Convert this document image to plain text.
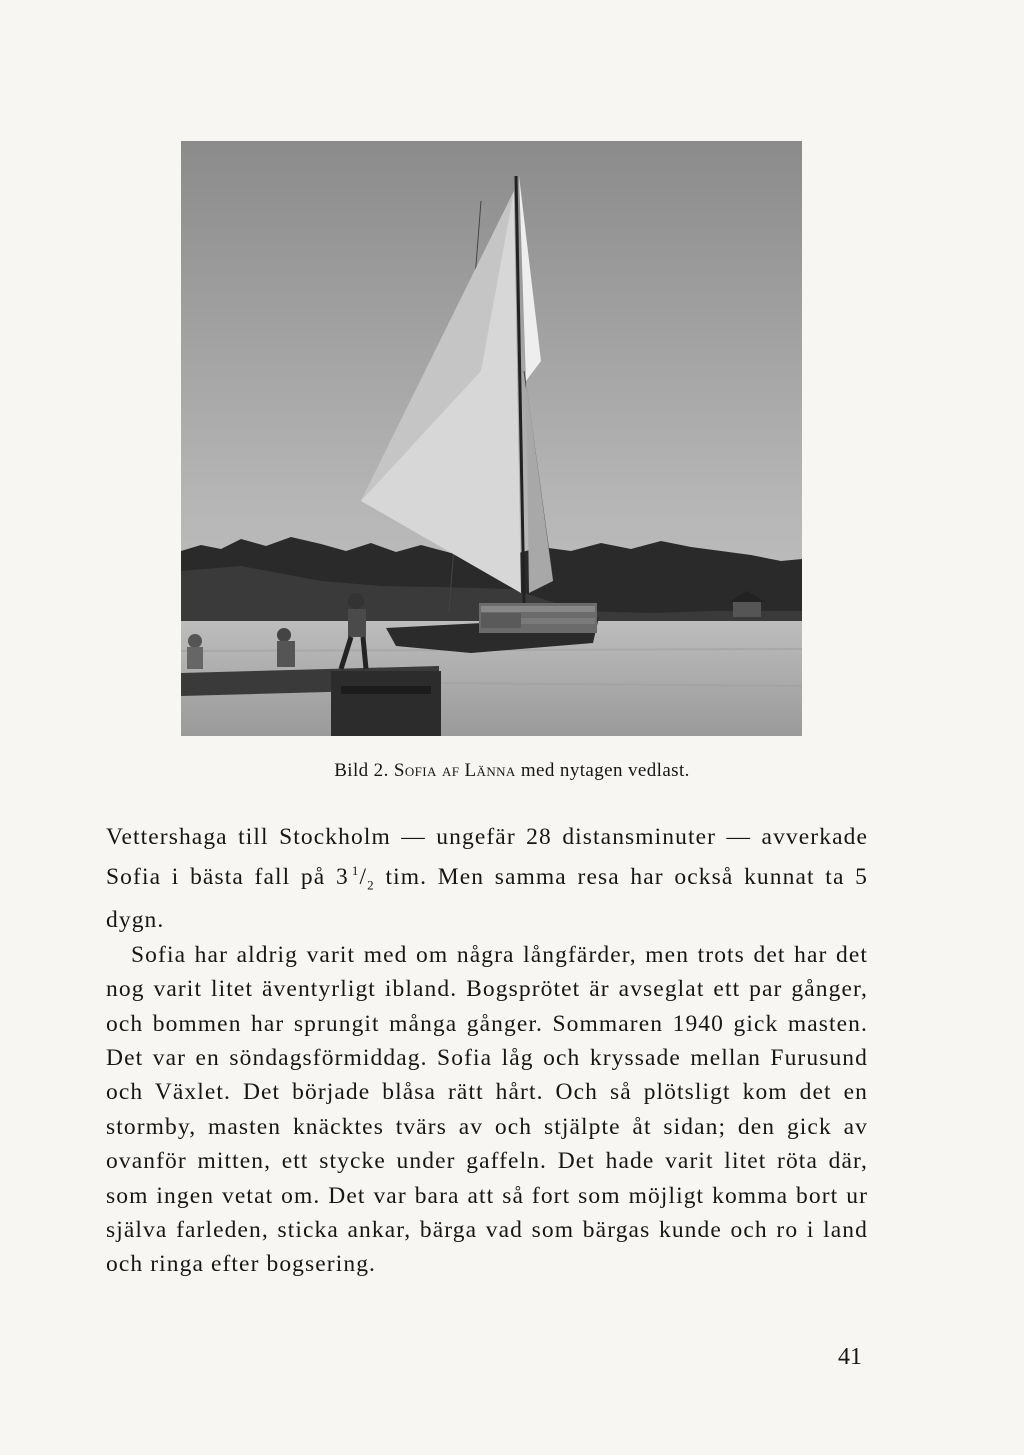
Bild 2. Sofia af Länna med nytagen vedlast.

Vettershaga till Stockholm — ungefär 28 distansminuter — avverkade Sofia i bästa fall på 3  $^1/_2$ tim. Men samma resa har också kunnat ta 5 dygn.

Sofia har aldrig varit med om några långfärder, men trots det har det nog varit litet äventyrligt ibland. Bogsprötet är avseglat ett par gånger, och bommen har sprungit många gånger. Sommaren 1940 gick masten. Det var en söndagsförmiddag. Sofia låg och kryssade mellan Furusund och Växlet. Det började blåsa rätt hårt. Och så plötsligt kom det en stormby, masten knäcktes tvärs av och stjälpte åt sidan; den gick av ovanför mitten, ett stycke under gaffeln. Det hade varit litet röta där, som ingen vetat om. Det var bara att så fort som möjligt komma bort ur själva farleden, sticka ankar, bärga vad som bärgas kunde och ro i land och ringa efter bogsering.

41
